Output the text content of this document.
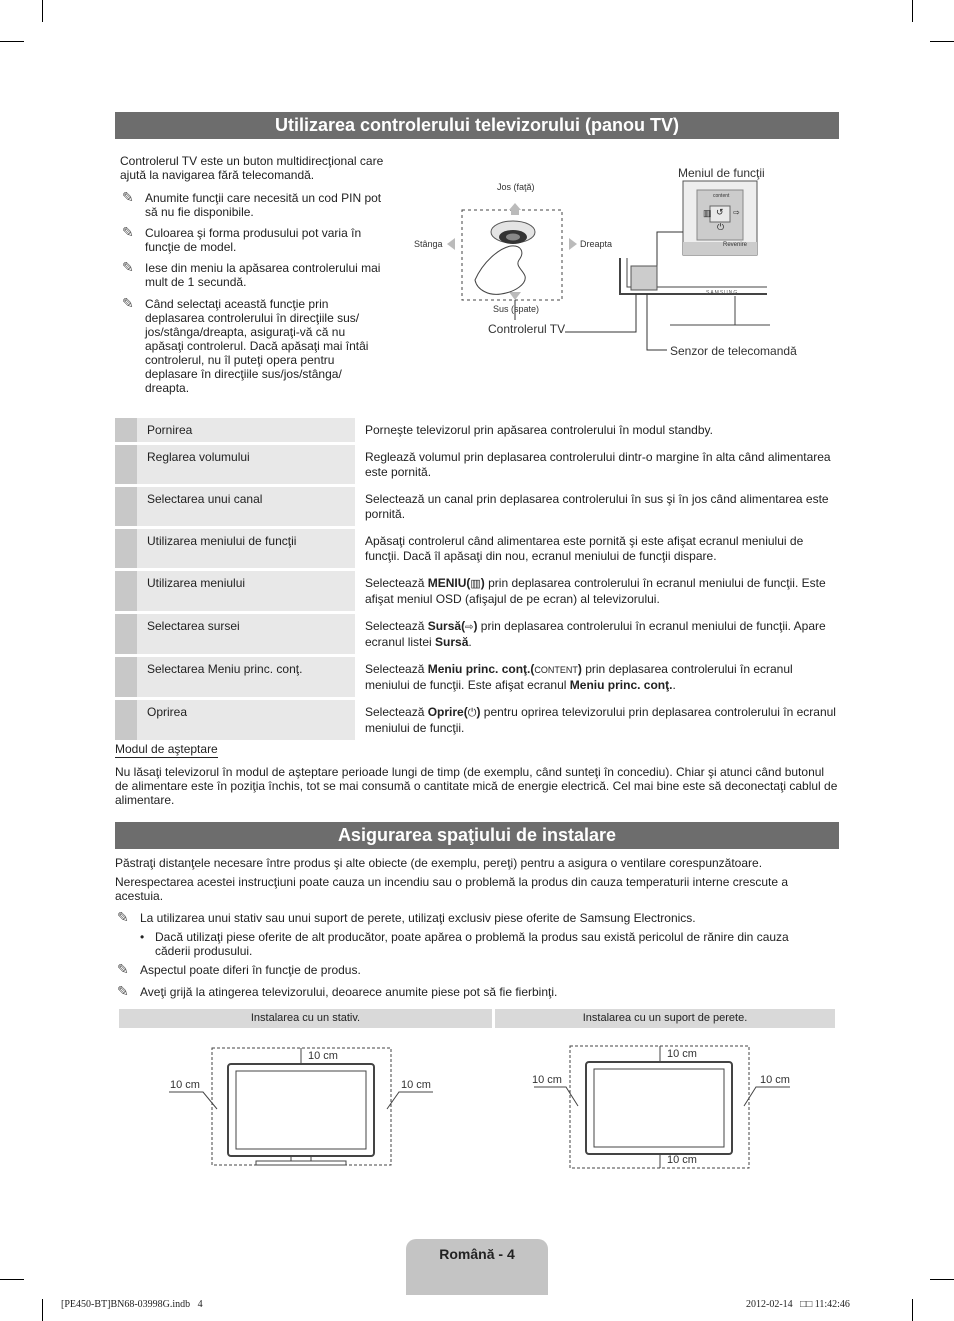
Utilizarea controlerului televizorului (panou TV)
Controlerul TV este un buton multidirecţional care ajută la navigarea fără telecomandă.
✎ Anumite funcţii care necesită un cod PIN pot să nu fie disponibile.
✎ Culoarea şi forma produsului pot varia în funcţie de model.
✎ Iese din meniu la apăsarea controlerului mai mult de 1 secundă.
✎ Când selectaţi această funcţie prin deplasarea controlerului în direcţiile sus/ jos/stânga/dreapta, asiguraţi-vă că nu apăsaţi controlerul. Dacă apăsaţi mai întâi controlerul, nu îl puteţi opera pentru deplasare în direcţiile sus/jos/stânga/ dreapta.
Jos (faţă)
Sus (spate)
Stânga	Dreapta
Controlerul TV
Meniul de funcţii
content
▥ ↺ ⇨
⏻
Revenire
SAMSUNG
Senzor de telecomandă
	Pornirea	Porneşte televizorul prin apăsarea controlerului în modul standby.
	Reglarea volumului	Reglează volumul prin deplasarea controlerului dintr-o margine în alta când alimentarea este pornită.
	Selectarea unui canal	Selectează un canal prin deplasarea controlerului în sus şi în jos când alimentarea este pornită.
	Utilizarea meniului de funcţii	Apăsaţi controlerul când alimentarea este pornită şi este afişat ecranul meniului de funcţii. Dacă îl apăsaţi din nou, ecranul meniului de funcţii dispare.
	Utilizarea meniului	Selectează MENIU(▥) prin deplasarea controlerului în ecranul meniului de funcţii. Este afişat meniul OSD (afişajul de pe ecran) al televizorului.
	Selectarea sursei	Selectează Sursă(⇨) prin deplasarea controlerului în ecranul meniului de funcţii. Apare ecranul listei Sursă.
	Selectarea Meniu princ. conţ.	Selectează Meniu princ. conţ.(CONTENT) prin deplasarea controlerului în ecranul meniului de funcţii. Este afişat ecranul Meniu princ. conţ..
	Oprirea	Selectează Oprire(⏻) pentru oprirea televizorului prin deplasarea controlerului în ecranul meniului de funcţii.
Modul de aşteptare
Nu lăsaţi televizorul în modul de aşteptare perioade lungi de timp (de exemplu, când sunteţi în concediu). Chiar şi atunci când butonul de alimentare este în poziţia închis, tot se mai consumă o cantitate mică de energie electrică. Cel mai bine este să deconectaţi cablul de alimentare.
Asigurarea spaţiului de instalare
Păstraţi distanţele necesare între produs şi alte obiecte (de exemplu, pereţi) pentru a asigura o ventilare corespunzătoare.
Nerespectarea acestei instrucţiuni poate cauza un incendiu sau o problemă la produs din cauza temperaturii interne crescute a acestuia.
✎ La utilizarea unui stativ sau unui suport de perete, utilizaţi exclusiv piese oferite de Samsung Electronics.
• Dacă utilizaţi piese oferite de alt producător, poate apărea o problemă la produs sau există pericolul de rănire din cauza căderii produsului.
✎ Aspectul poate diferi în funcţie de produs.
✎ Aveţi grijă la atingerea televizorului, deoarece anumite piese pot să fie fierbinţi.
Instalarea cu un stativ.	Instalarea cu un suport de perete.
10 cm
10 cm	10 cm
10 cm
10 cm
10 cm	10 cm
Română - 4
[PE450-BT]BN68-03998G.indb   4	2012-02-14   □□ 11:42:46
